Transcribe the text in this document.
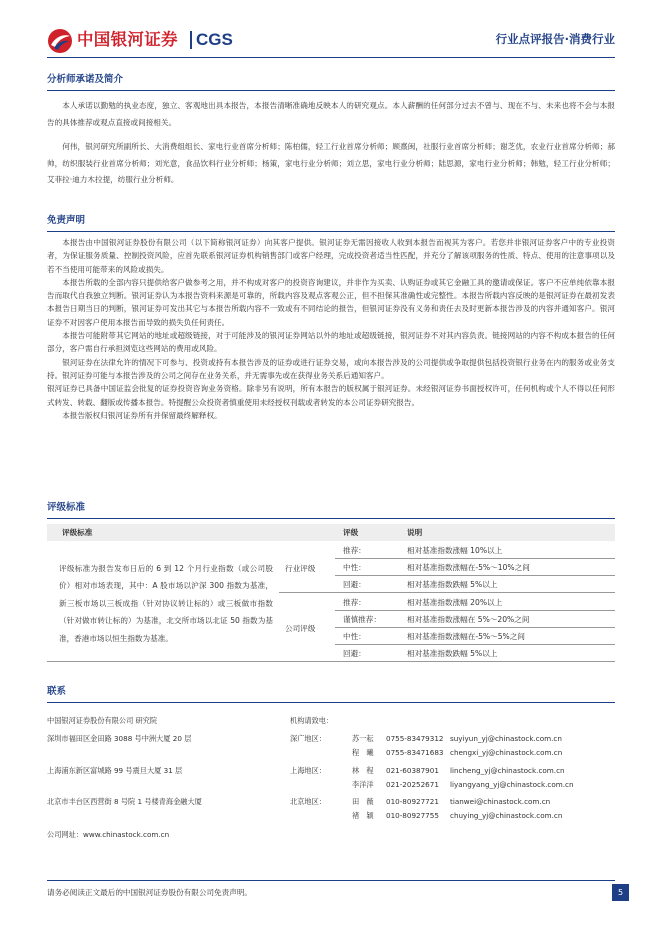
中国银河证券 CGS	行业点评报告·消费行业
分析师承诺及简介

本人承诺以勤勉的执业态度，独立、客观地出具本报告，本报告清晰准确地反映本人的研究观点。本人薪酬的任何部分过去不曾与、现在不与、未来也将不会与本报告的具体推荐或观点直接或间接相关。

何伟，银河研究所副所长、大消费组组长、家电行业首席分析师；陈柏儒，轻工行业首席分析师；顾熹闽，社服行业首席分析师；谢芝优，农业行业首席分析师；郝帅，纺织服装行业首席分析师；刘光意，食品饮料行业分析师；杨策，家电行业分析师；刘立思，家电行业分析师；陆思源，家电行业分析师；韩勉，轻工行业分析师；艾菲拉·迪力木拉提，纺服行业分析师。

免责声明

本报告由中国银河证券股份有限公司（以下简称银河证券）向其客户提供。银河证券无需因接收人收到本报告而视其为客户。若您并非银河证券客户中的专业投资者，为保证服务质量、控制投资风险，应首先联系银河证券机构销售部门或客户经理，完成投资者适当性匹配，并充分了解该项服务的性质、特点、使用的注意事项以及若不当使用可能带来的风险或损失。

本报告所载的全部内容只提供给客户做参考之用，并不构成对客户的投资咨询建议，并非作为买卖、认购证券或其它金融工具的邀请或保证。客户不应单纯依靠本报告而取代自我独立判断。银河证券认为本报告资料来源是可靠的，所载内容及观点客观公正，但不担保其准确性或完整性。本报告所载内容反映的是银河证券在最初发表本报告日期当日的判断，银河证券可发出其它与本报告所载内容不一致或有不同结论的报告，但银河证券没有义务和责任去及时更新本报告涉及的内容并通知客户。银河证券不对因客户使用本报告而导致的损失负任何责任。

本报告可能附带其它网站的地址或超级链接，对于可能涉及的银河证券网站以外的地址或超级链接，银河证券不对其内容负责。链接网站的内容不构成本报告的任何部分，客户需自行承担浏览这些网站的费用或风险。

银河证券在法律允许的情况下可参与、投资或持有本报告涉及的证券或进行证券交易，或向本报告涉及的公司提供或争取提供包括投资银行业务在内的服务或业务支持。银河证券可能与本报告涉及的公司之间存在业务关系，并无需事先或在获得业务关系后通知客户。

银河证券已具备中国证监会批复的证券投资咨询业务资格。除非另有说明，所有本报告的版权属于银河证券。未经银河证券书面授权许可，任何机构或个人不得以任何形式转发、转载、翻版或传播本报告。特提醒公众投资者慎重使用未经授权刊载或者转发的本公司证券研究报告。

本报告版权归银河证券所有并保留最终解释权。

评级标准
评级标准	评级	说明

评级标准为报告发布日后的 6 到 12 个月行业指数（或公司股价）相对市场表现，其中：A 股市场以沪深 300 指数为基准，新三板市场以三板成指（针对协议转让标的）或三板做市指数（针对做市转让标的）为基准，北交所市场以北证 50 指数为基准，香港市场以恒生指数为基准。

行业评级
推荐：	相对基准指数涨幅 10%以上
中性：	相对基准指数涨幅在-5%～10%之间
回避：	相对基准指数跌幅 5%以上
公司评级
推荐：	相对基准指数涨幅 20%以上
谨慎推荐：	相对基准指数涨幅在 5%～20%之间
中性：	相对基准指数涨幅在-5%～5%之间
回避：	相对基准指数跌幅 5%以上
联系
中国银河证券股份有限公司 研究院	机构请致电：
深圳市福田区金田路 3088 号中洲大厦 20 层	深广地区：	苏一耘 0755-83479312 suyiyun_yj@chinastock.com.cn
程　曦 0755-83471683 chengxi_yj@chinastock.com.cn
上海浦东新区富城路 99 号震旦大厦 31 层	上海地区：	林　程 021-60387901 lincheng_yj@chinastock.com.cn
李洋洋 021-20252671 liyangyang_yj@chinastock.com.cn
北京市丰台区西营街 8 号院 1 号楼青海金融大厦	北京地区：	田　薇 010-80927721 tianwei@chinastock.com.cn
褚　颖 010-80927755 chuying_yj@chinastock.com.cn
公司网址：www.chinastock.com.cn
请务必阅读正文最后的中国银河证券股份有限公司免责声明。	5
